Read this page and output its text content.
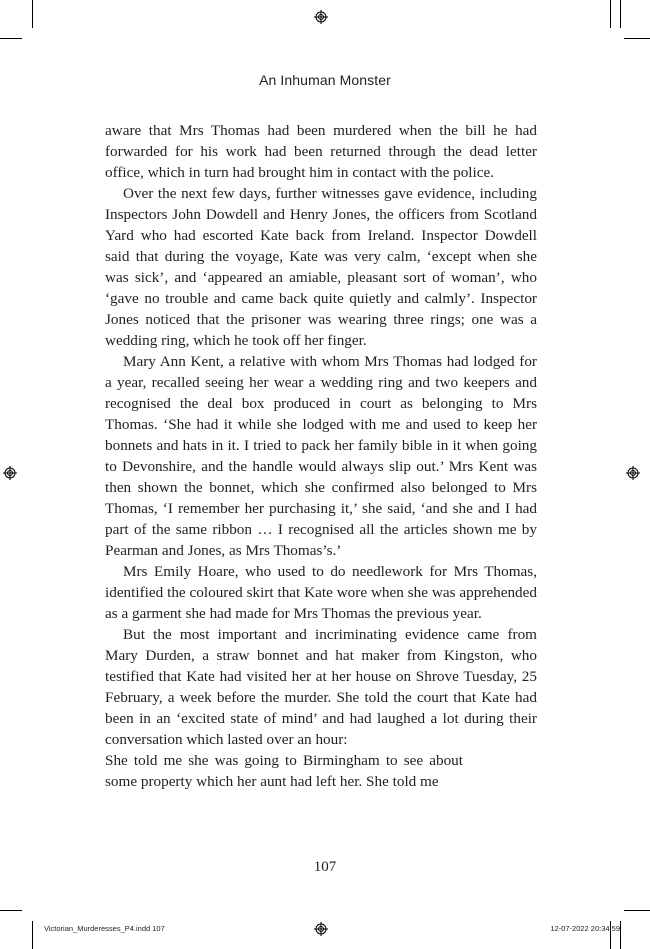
An Inhuman Monster

aware that Mrs Thomas had been murdered when the bill he had forwarded for his work had been returned through the dead letter office, which in turn had brought him in contact with the police.

Over the next few days, further witnesses gave evidence, including Inspectors John Dowdell and Henry Jones, the officers from Scotland Yard who had escorted Kate back from Ireland. Inspector Dowdell said that during the voyage, Kate was very calm, ‘except when she was sick’, and ‘appeared an amiable, pleasant sort of woman’, who ‘gave no trouble and came back quite quietly and calmly’. Inspector Jones noticed that the prisoner was wearing three rings; one was a wedding ring, which he took off her finger.

Mary Ann Kent, a relative with whom Mrs Thomas had lodged for a year, recalled seeing her wear a wedding ring and two keepers and recognised the deal box produced in court as belonging to Mrs Thomas. ‘She had it while she lodged with me and used to keep her bonnets and hats in it. I tried to pack her family bible in it when going to Devonshire, and the handle would always slip out.’ Mrs Kent was then shown the bonnet, which she confirmed also belonged to Mrs Thomas, ‘I remember her purchasing it,’ she said, ‘and she and I had part of the same ribbon … I recognised all the articles shown me by Pearman and Jones, as Mrs Thomas’s.’

Mrs Emily Hoare, who used to do needlework for Mrs Thomas, identified the coloured skirt that Kate wore when she was apprehended as a garment she had made for Mrs Thomas the previous year.

But the most important and incriminating evidence came from Mary Durden, a straw bonnet and hat maker from Kingston, who testified that Kate had visited her at her house on Shrove Tuesday, 25 February, a week before the murder. She told the court that Kate had been in an ‘excited state of mind’ and had laughed a lot during their conversation which lasted over an hour:

She told me she was going to Birmingham to see about some property which her aunt had left her. She told me

107
Victorian_Murderesses_P4.indd 107	12-07-2022 20:34:59
